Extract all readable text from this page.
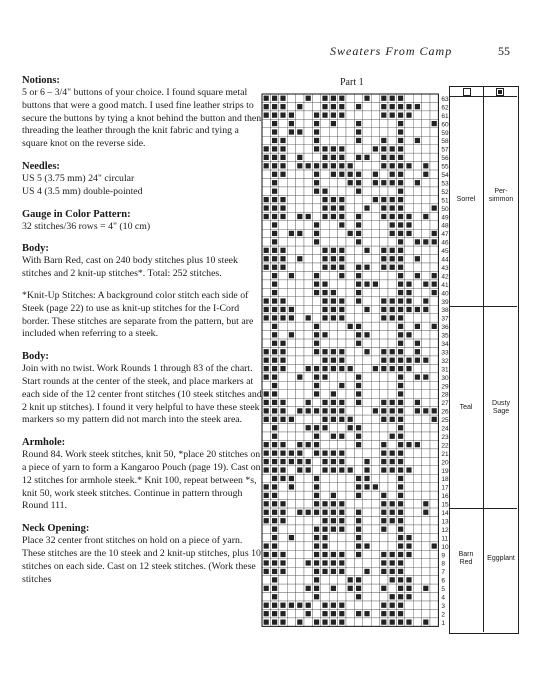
Sweaters From Camp	55
Notions:

5 or 6 – 3/4" buttons of your choice. I found square metal buttons that were a good match. I used fine leather strips to secure the buttons by tying a knot behind the button and then threading the leather through the knit fabric and tying a square knot on the reverse side.

Needles:

US 5 (3.75 mm) 24" circular

US 4 (3.5 mm) double-pointed

Gauge in Color Pattern:

32 stitches/36 rows = 4" (10 cm)

Body:

With Barn Red, cast on 240 body stitches plus 10 steek stitches and 2 knit-up stitches*. Total: 252 stitches.

*Knit-Up Stitches: A background color stitch each side of Steek (page 22) to use as knit-up stitches for the I-Cord border. These stitches are separate from the pattern, but are included when referring to a steek.

Body:

Join with no twist. Work Rounds 1 through 83 of the chart. Start rounds at the center of the steek, and place markers at each side of the 12 center front stitches (10 steek stitches and 2 knit up stitches). I found it very helpful to have these steek markers so my pattern did not march into the steek area.

Armhole:

Round 84. Work steek stitches, knit 50, *place 20 stitches on a piece of yarn to form a Kangaroo Pouch (page 19). Cast on 12 stitches for armhole steek.* Knit 100, repeat between *s, knit 50, work steek stitches. Continue in pattern through Round 111.

Neck Opening:

Place 32 center front stitches on hold on a piece of yarn. These stitches are the 10 steek and 2 knit-up stitches, plus 10 stitches on each side. Cast on 12 steek stitches. (Work these stitches

Part 1
63
62
61
60
59
58
57
56
55
54
53
52
51
50
49
48
47
46
45
44
43
42
41
40
39
38
37
36
35
34
33
32
31
30
29
28
27
26
25
24
23
22
21
20
19
18
17
16
15
14
13
12
11
10
9
8
7
6
5
4
3
2
1
Sorrel
Per-
simmon
Teal
Dusty
Sage
Barn
Red
Eggplant
